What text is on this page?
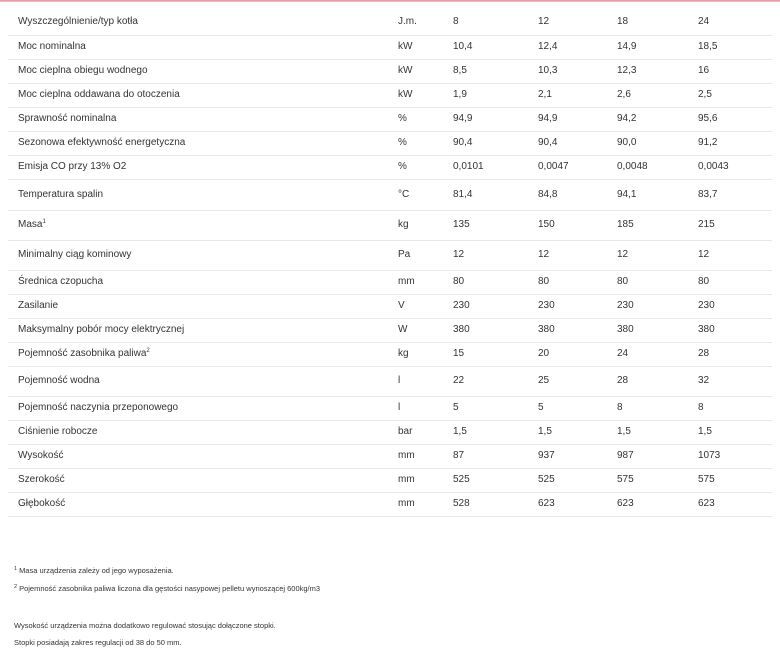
Wyszczególnienie/typ kotła	J.m.	8	12	18	24
Moc nominalna	kW	10,4	12,4	14,9	18,5
Moc cieplna obiegu wodnego	kW	8,5	10,3	12,3	16
Moc cieplna oddawana do otoczenia	kW	1,9	2,1	2,6	2,5
Sprawność nominalna	%	94,9	94,9	94,2	95,6
Sezonowa efektywność energetyczna	%	90,4	90,4	90,0	91,2
Emisja CO przy 13% O2	%	0,0101	0,0047	0,0048	0,0043
Temperatura spalin	°C	81,4	84,8	94,1	83,7
Masa$^1$	kg	135	150	185	215
Minimalny ciąg kominowy	Pa	12	12	12	12
Średnica czopucha	mm	80	80	80	80
Zasilanie	V	230	230	230	230
Maksymalny pobór mocy elektrycznej	W	380	380	380	380
Pojemność zasobnika paliwa$^2$	kg	15	20	24	28
Pojemność wodna	l	22	25	28	32
Pojemność naczynia przeponowego	l	5	5	8	8
Ciśnienie robocze	bar	1,5	1,5	1,5	1,5
Wysokość	mm	87	937	987	1073
Szerokość	mm	525	525	575	575
Głębokość	mm	528	623	623	623
$^1$ Masa urządzenia zależy od jego wyposażenia.
$^2$ Pojemność zasobnika paliwa liczona dla gęstości nasypowej pelletu wynoszącej 600kg/m3
Wysokość urządzenia można dodatkowo regulować stosując dołączone stopki.
Stopki posiadają zakres regulacji od 38 do 50 mm.
